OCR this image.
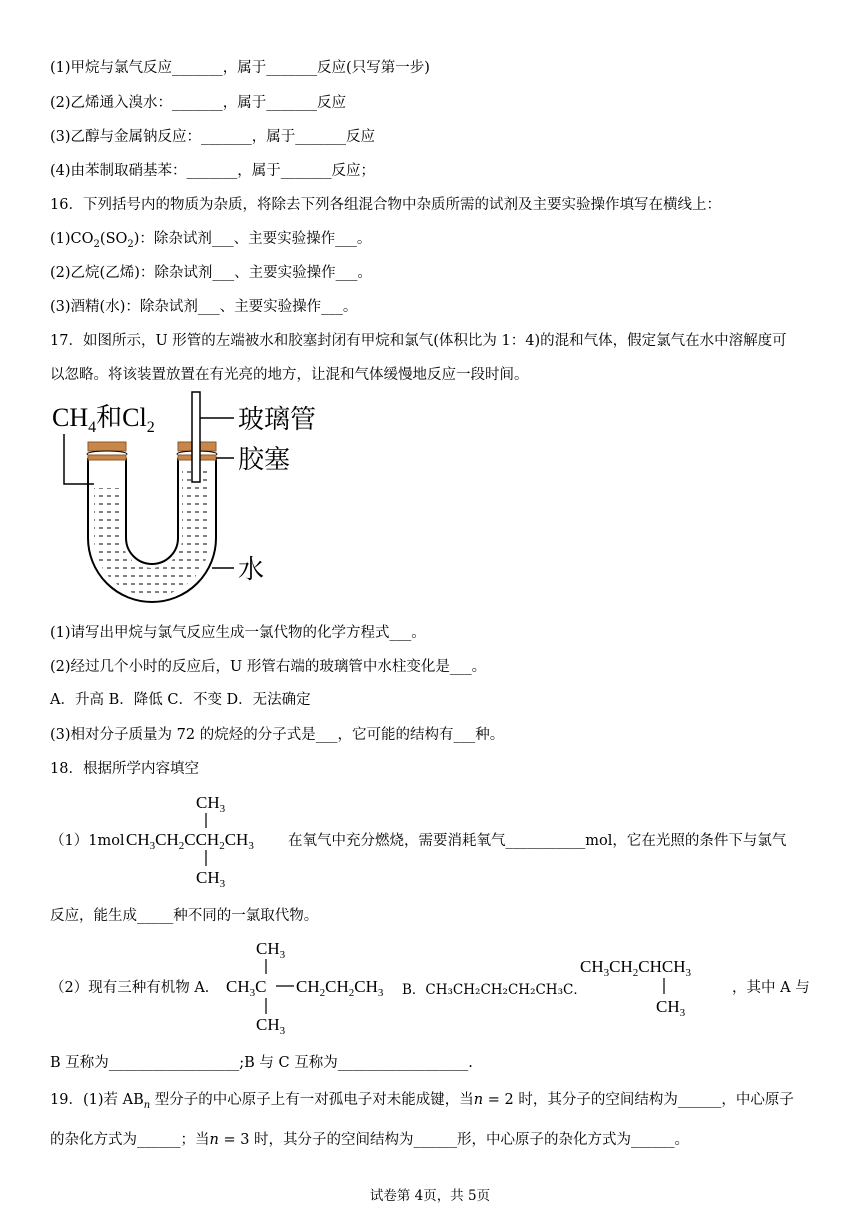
(1)甲烷与氯气反应_______，属于_______反应(只写第一步)
(2)乙烯通入溴水：_______，属于_______反应
(3)乙醇与金属钠反应：_______，属于_______反应
(4)由苯制取硝基苯：_______，属于_______反应；
16．下列括号内的物质为杂质，将除去下列各组混合物中杂质所需的试剂及主要实验操作填写在横线上：
$(1)CO_2(SO_2)$：除杂试剂___、主要实验操作___。
(2)乙烷(乙烯)：除杂试剂___、主要实验操作___。
(3)酒精(水)：除杂试剂___、主要实验操作___。
17．如图所示，U 形管的左端被水和胶塞封闭有甲烷和氯气(体积比为 1：4)的混和气体，假定氯气在水中溶解度可
以忽略。将该装置放置在有光亮的地方，让混和气体缓慢地反应一段时间。
$CH_4$和$Cl_2$	玻璃管
胶塞
水
(1)请写出甲烷与氯气反应生成一氯代物的化学方程式___。
(2)经过几个小时的反应后，U 形管右端的玻璃管中水柱变化是___。
A．升高 B．降低 C．不变 D．无法确定
(3)相对分子质量为 72 的烷烃的分子式是___，它可能的结构有___种。
18．根据所学内容填空
（1）1mol
$CH_3$
$CH_3CH_2CCH_2CH_3$
$CH_3$
在氧气中充分燃烧，需要消耗氧气___________mol，它在光照的条件下与氯气
反应，能生成_____种不同的一氯取代物。
（2）现有三种有机物 A．
$CH_3$
$CH_3C$ $CH_2CH_2CH_3$
$CH_3$
B．CH₃CH₂CH₂CH₂CH₃C．
$CH_3CH_2CHCH_3$
$CH_3$
，其中 A 与
B 互称为__________________;B 与 C 互称为__________________.
19．(1)若 $AB_n$ 型分子的中心原子上有一对孤电子对未能成键，当n = 2 时，其分子的空间结构为______，中心原子
的杂化方式为______；当n = 3 时，其分子的空间结构为______形，中心原子的杂化方式为______。
试卷第 4页，共 5页
